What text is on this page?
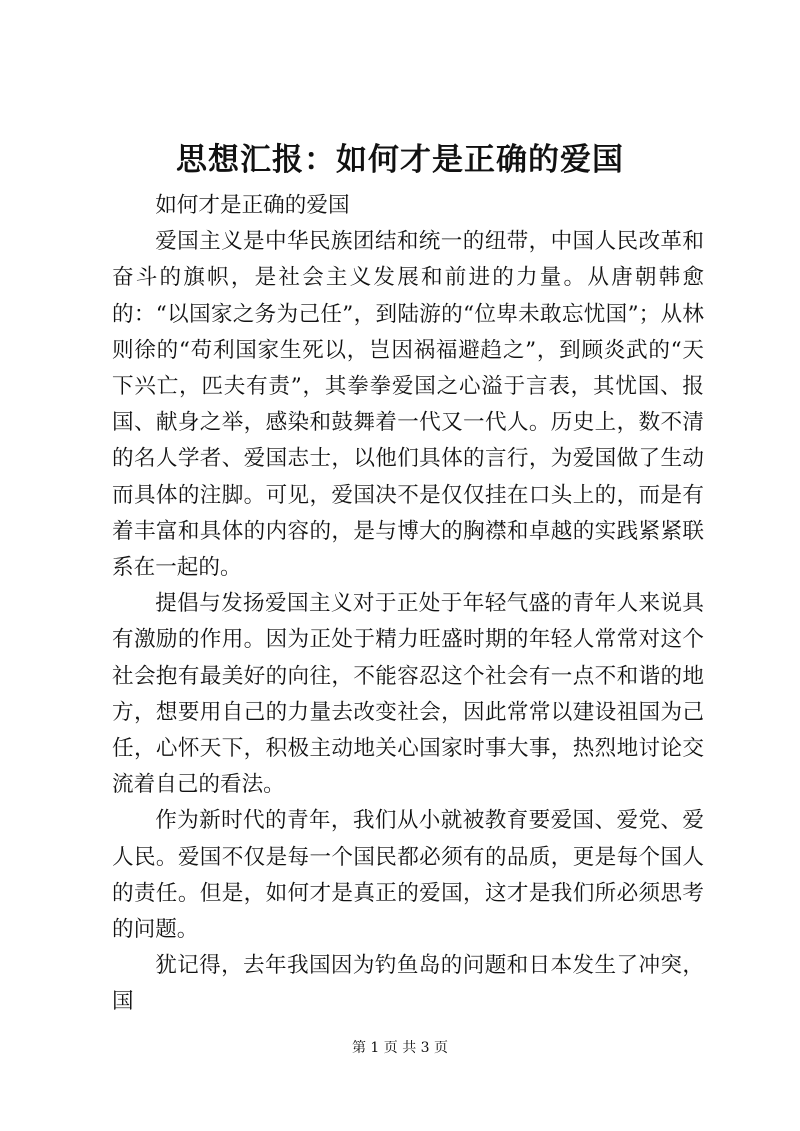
思想汇报：如何才是正确的爱国

如何才是正确的爱国

爱国主义是中华民族团结和统一的纽带，中国人民改革和奋斗的旗帜，是社会主义发展和前进的力量。从唐朝韩愈的：“以国家之务为己任”，到陆游的“位卑未敢忘忧国”；从林则徐的“苟利国家生死以，岂因祸福避趋之”，到顾炎武的“天下兴亡，匹夫有责”，其拳拳爱国之心溢于言表，其忧国、报国、献身之举，感染和鼓舞着一代又一代人。历史上，数不清的名人学者、爱国志士，以他们具体的言行，为爱国做了生动而具体的注脚。可见，爱国决不是仅仅挂在口头上的，而是有着丰富和具体的内容的，是与博大的胸襟和卓越的实践紧紧联系在一起的。

提倡与发扬爱国主义对于正处于年轻气盛的青年人来说具有激励的作用。因为正处于精力旺盛时期的年轻人常常对这个社会抱有最美好的向往，不能容忍这个社会有一点不和谐的地方，想要用自己的力量去改变社会，因此常常以建设祖国为己任，心怀天下，积极主动地关心国家时事大事，热烈地讨论交流着自己的看法。

作为新时代的青年，我们从小就被教育要爱国、爱党、爱人民。爱国不仅是每一个国民都必须有的品质，更是每个国人的责任。但是，如何才是真正的爱国，这才是我们所必须思考的问题。

犹记得，去年我国因为钓鱼岛的问题和日本发生了冲突，国

第 1 页 共 3 页
